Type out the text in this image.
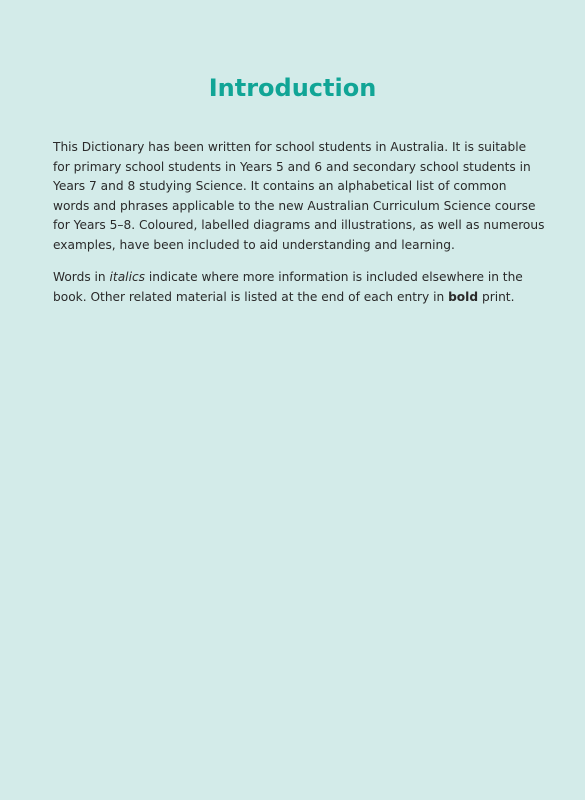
Introduction

This Dictionary has been written for school students in Australia. It is suitable
for primary school students in Years 5 and 6 and secondary school students in
Years 7 and 8 studying Science. It contains an alphabetical list of common
words and phrases applicable to the new Australian Curriculum Science course
for Years 5–8. Coloured, labelled diagrams and illustrations, as well as numerous
examples, have been included to aid understanding and learning.

Words in italics indicate where more information is included elsewhere in the
book. Other related material is listed at the end of each entry in bold print.
